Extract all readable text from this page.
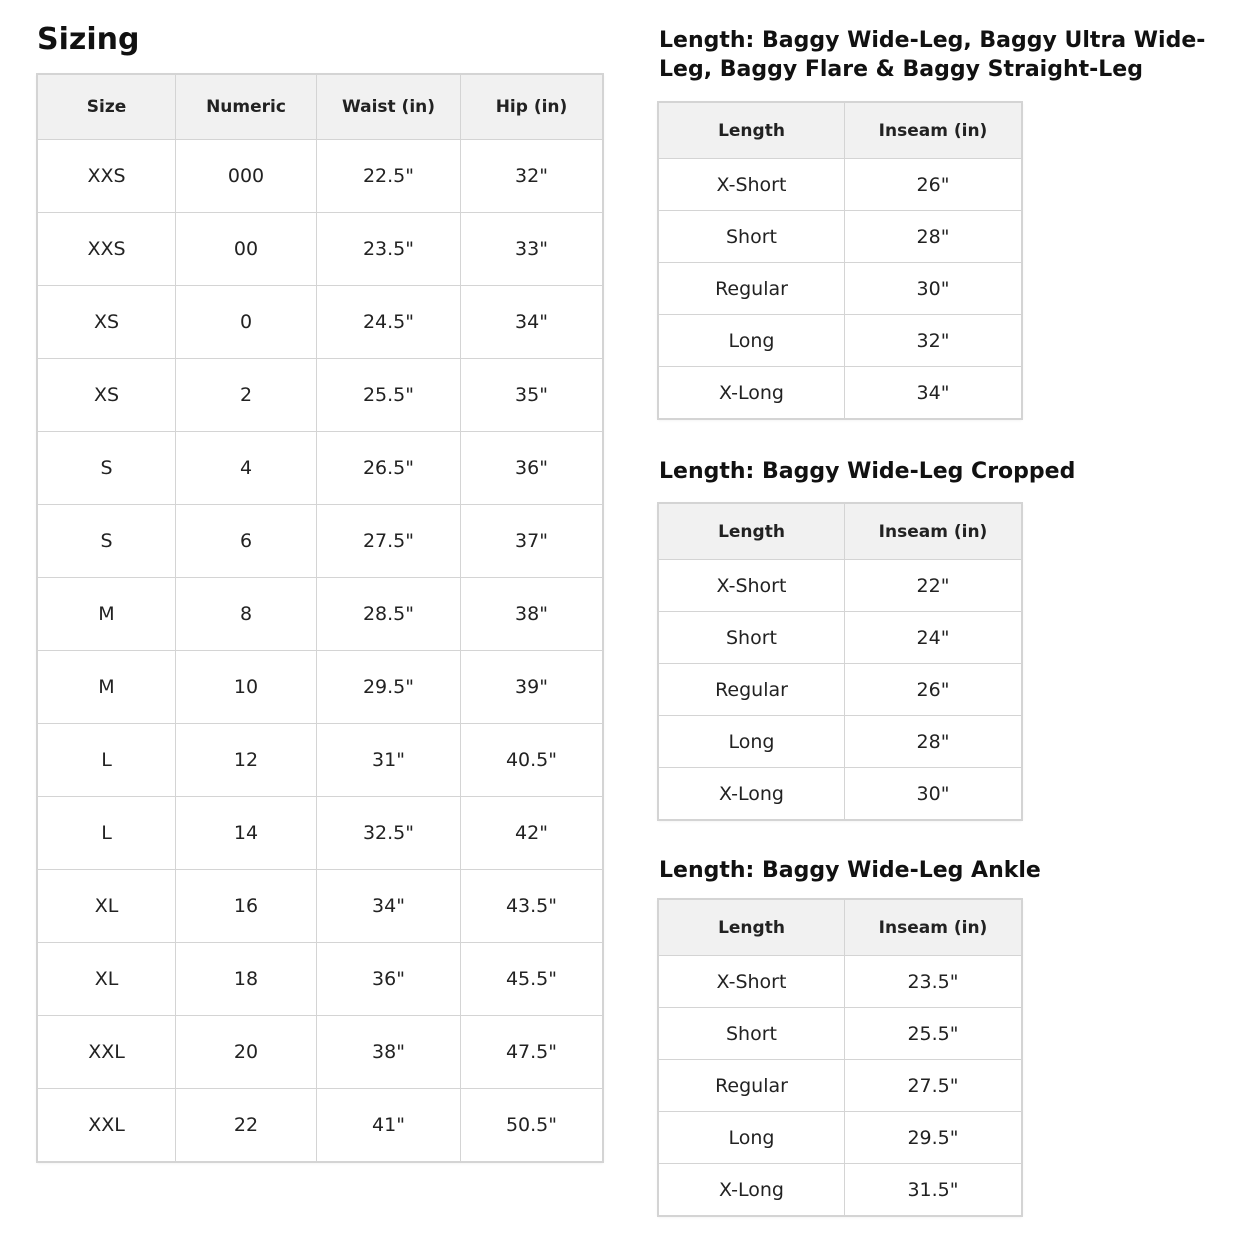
Sizing
Size	Numeric	Waist (in)	Hip (in)
XXS	000	22.5"	32"
XXS	00	23.5"	33"
XS	0	24.5"	34"
XS	2	25.5"	35"
S	4	26.5"	36"
S	6	27.5"	37"
M	8	28.5"	38"
M	10	29.5"	39"
L	12	31"	40.5"
L	14	32.5"	42"
XL	16	34"	43.5"
XL	18	36"	45.5"
XXL	20	38"	47.5"
XXL	22	41"	50.5"
Length: Baggy Wide-Leg, Baggy Ultra Wide-Leg, Baggy Flare & Baggy Straight-Leg
Length	Inseam (in)
X-Short	26"
Short	28"
Regular	30"
Long	32"
X-Long	34"
Length: Baggy Wide-Leg Cropped
Length	Inseam (in)
X-Short	22"
Short	24"
Regular	26"
Long	28"
X-Long	30"
Length: Baggy Wide-Leg Ankle
Length	Inseam (in)
X-Short	23.5"
Short	25.5"
Regular	27.5"
Long	29.5"
X-Long	31.5"
